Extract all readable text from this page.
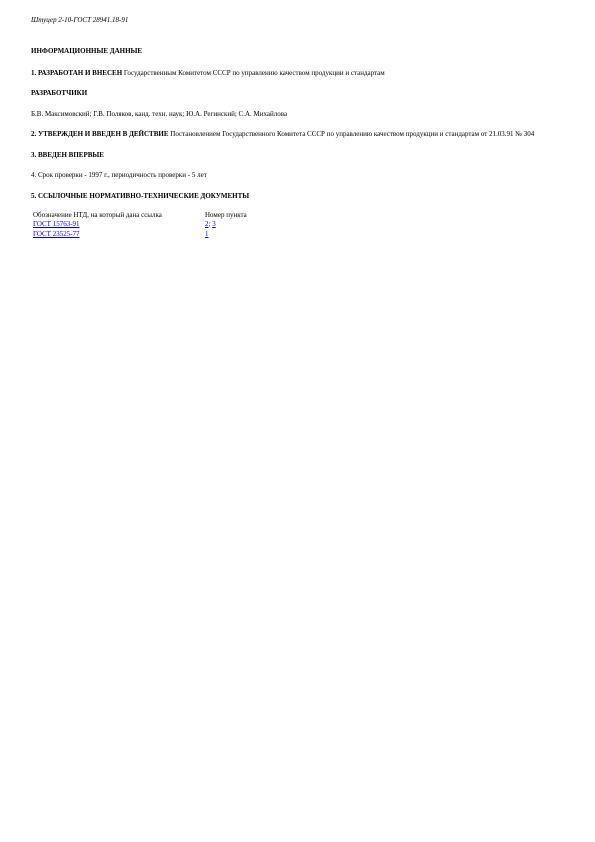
Штуцер 2-10-ГОСТ 28941.18-91

ИНФОРМАЦИОННЫЕ ДАННЫЕ

1. РАЗРАБОТАН И ВНЕСЕН Государственным Комитетом СССР по управлению качеством продукции и стандартам

РАЗРАБОТЧИКИ

Б.В. Максимовский; Г.В. Поляков, канд. техн. наук; Ю.А. Регинский; С.А. Михайлова

2. УТВЕРЖДЕН И ВВЕДЕН В ДЕЙСТВИЕ Постановлением Государственного Комитета СССР по управлению качеством продукции и стандартам от 21.03.91 № 304

3. ВВЕДЕН ВПЕРВЫЕ

4. Срок проверки - 1997 г., периодичность проверки - 5 лет

5. ССЫЛОЧНЫЕ НОРМАТИВНО-ТЕХНИЧЕСКИЕ ДОКУМЕНТЫ

Обозначение НТД, на который дана ссылка	Номер пункта
ГОСТ 15763-91	2; 3
ГОСТ 23525-77	1
